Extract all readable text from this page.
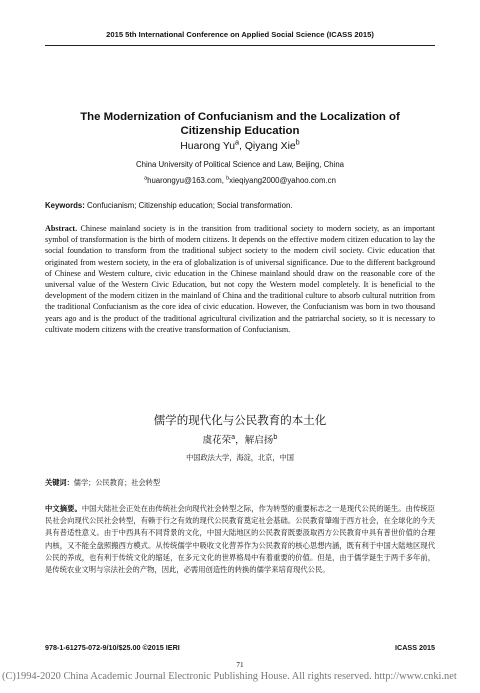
2015 5th International Conference on Applied Social Science (ICASS 2015)
The Modernization of Confucianism and the Localization of
Citizenship Education
Huarong Yu$^a$, Qiyang Xie$^b$
China University of Political Science and Law, Beijing, China
$^a$huarongyu@163.com, $^b$xieqiyang2000@yahoo.com.cn
Keywords: Confucianism; Citizenship education; Social transformation.
Abstract. Chinese mainland society is in the transition from traditional society to modern society, as an important symbol of transformation is the birth of modern citizens. It depends on the effective modern citizen education to lay the social foundation to transform from the traditional subject society to the modern civil society. Civic education that originated from western society, in the era of globalization is of universal significance. Due to the different background of Chinese and Western culture, civic education in the Chinese mainland should draw on the reasonable core of the universal value of the Western Civic Education, but not copy the Western model completely. It is beneficial to the development of the modern citizen in the mainland of China and the traditional culture to absorb cultural nutrition from the traditional Confucianism as the core idea of civic education. However, the Confucianism was born in two thousand years ago and is the product of the traditional agricultural civilization and the patriarchal society, so it is necessary to cultivate modern citizens with the creative transformation of Confucianism.
儒学的现代化与公民教育的本土化
虞花荣$^a$，解启扬$^b$
中国政法大学，海淀，北京，中国
关键词：儒学；公民教育；社会转型
中文摘要。中国大陆社会正处在由传统社会向现代社会转型之际，作为转型的重要标志之一是现代公民的诞生。由传统臣民社会向现代公民社会转型，有赖于行之有效的现代公民教育奠定社会基础。公民教育肇端于西方社会，在全球化的今天具有普适性意义。由于中西具有不同背景的文化，中国大陆地区的公民教育既要汲取西方公民教育中具有普世价值的合理内核，又不能全盘照搬西方模式。从传统儒学中吸收文化营养作为公民教育的核心思想内涵，既有利于中国大陆地区现代公民的养成，也有利于传统文化的缩延，在多元文化的世界格局中有着重要的价值。但是，由于儒学诞生于两千多年前，是传统农业文明与宗法社会的产物，因此，必需用创造性的转换的儒学来培育现代公民。
978-1-61275-072-9/10/$25.00 ©2015 IERI	ICASS 2015
71
(C)1994-2020 China Academic Journal Electronic Publishing House. All rights reserved. http://www.cnki.net
